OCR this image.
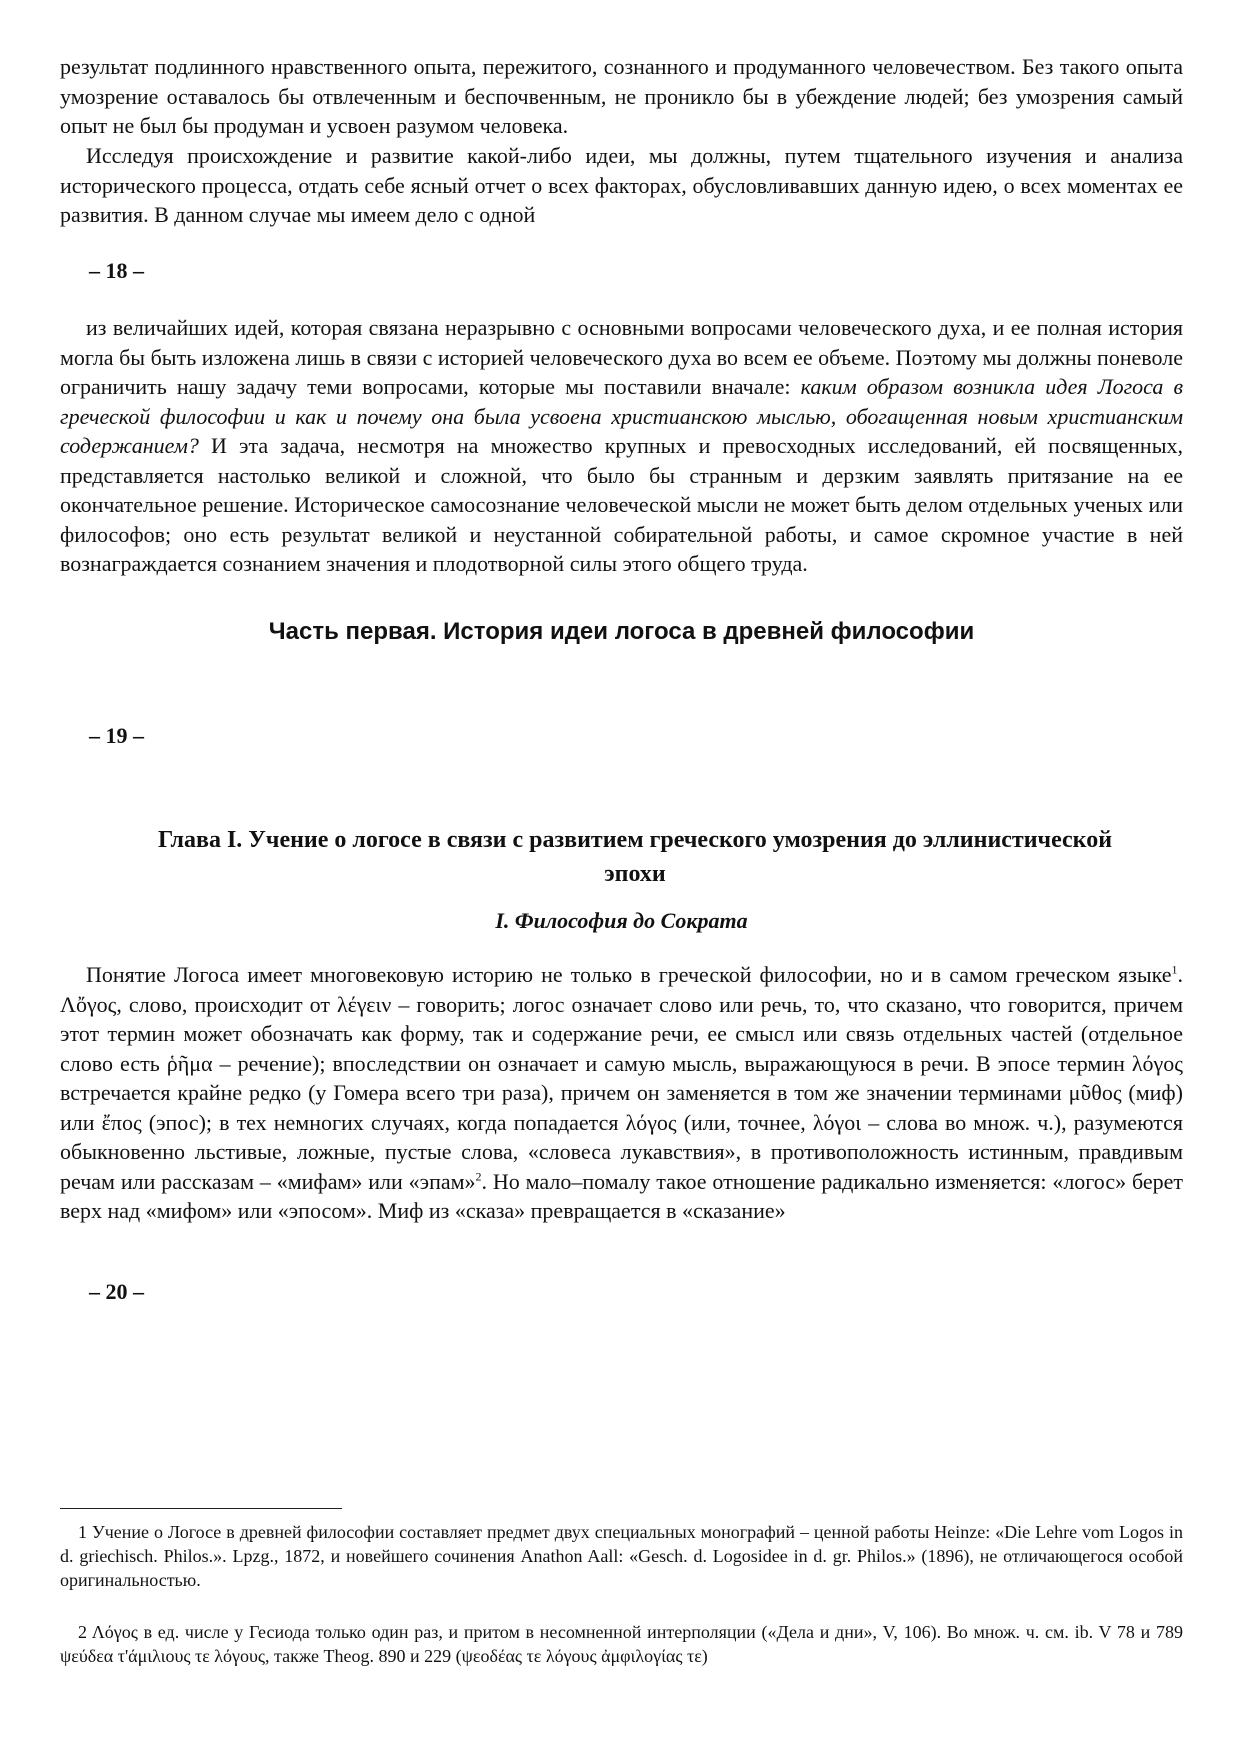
результат подлинного нравственного опыта, пережитого, сознанного и продуманного человечеством. Без такого опыта умозрение оставалось бы отвлеченным и беспочвенным, не проникло бы в убеждение людей; без умозрения самый опыт не был бы продуман и усвоен разумом человека.

Исследуя происхождение и развитие какой-либо идеи, мы должны, путем тщательного изучения и анализа исторического процесса, отдать себе ясный отчет о всех факторах, обусловливавших данную идею, о всех моментах ее развития. В данном случае мы имеем дело с одной

– 18 –

из величайших идей, которая связана неразрывно с основными вопросами человеческого духа, и ее полная история могла бы быть изложена лишь в связи с историей человеческого духа во всем ее объеме. Поэтому мы должны поневоле ограничить нашу задачу теми вопросами, которые мы поставили вначале: каким образом возникла идея Логоса в греческой философии и как и почему она была усвоена христианскою мыслью, обогащенная новым христианским содержанием? И эта задача, несмотря на множество крупных и превосходных исследований, ей посвященных, представляется настолько великой и сложной, что было бы странным и дерзким заявлять притязание на ее окончательное решение. Историческое самосознание человеческой мысли не может быть делом отдельных ученых или философов; оно есть результат великой и неустанной собирательной работы, и самое скромное участие в ней вознаграждается сознанием значения и плодотворной силы этого общего труда.

Часть первая. История идеи логоса в древней философии

– 19 –

Глава I. Учение о логосе в связи с развитием греческого умозрения до эллинистической
эпохи
I. Философия до Сократа

Понятие Логоса имеет многовековую историю не только в греческой философии, но и в самом греческом языке$^1$. Λὄγος, слово, происходит от λέγειν – говорить; логос означает слово или речь, то, что сказано, что говорится, причем этот термин может обозначать как форму, так и содержание речи, ее смысл или связь отдельных частей (отдельное слово есть ῥῆμα – речение); впоследствии он означает и самую мысль, выражающуюся в речи. В эпосе термин λόγος встречается крайне редко (у Гомера всего три раза), причем он заменяется в том же значении терминами μῦθος (миф) или ἔπος (эпос); в тех немногих случаях, когда попадается λόγος (или, точнее, λόγοι – слова во множ. ч.), разумеются обыкновенно льстивые, ложные, пустые слова, «словеса лукавствия», в противоположность истинным, правдивым речам или рассказам – «мифам» или «эпам»$^2$. Но мало–помалу такое отношение радикально изменяется: «логос» берет верх над «мифом» или «эпосом». Миф из «сказа» превращается в «сказание»

– 20 –

1 Учение о Логосе в древней философии составляет предмет двух специальных монографий – ценной работы Heinze: «Die Lehre vom Logos in d. griechisch. Philos.». Lpzg., 1872, и новейшего сочинения Anathon Aall: «Gesch. d. Logosidee in d. gr. Philos.» (1896), не отличающегося особой оригинальностью.

2 Λόγος в ед. числе у Гесиода только один раз, и притом в несомненной интерполяции («Дела и дни», V, 106). Во множ. ч. см. ib. V 78 и 789 ψεύδεα τ'άμιλιους τε λόγους, также Theog. 890 и 229 (ψεοδέας τε λόγους ἀμφιλογίας τε)
